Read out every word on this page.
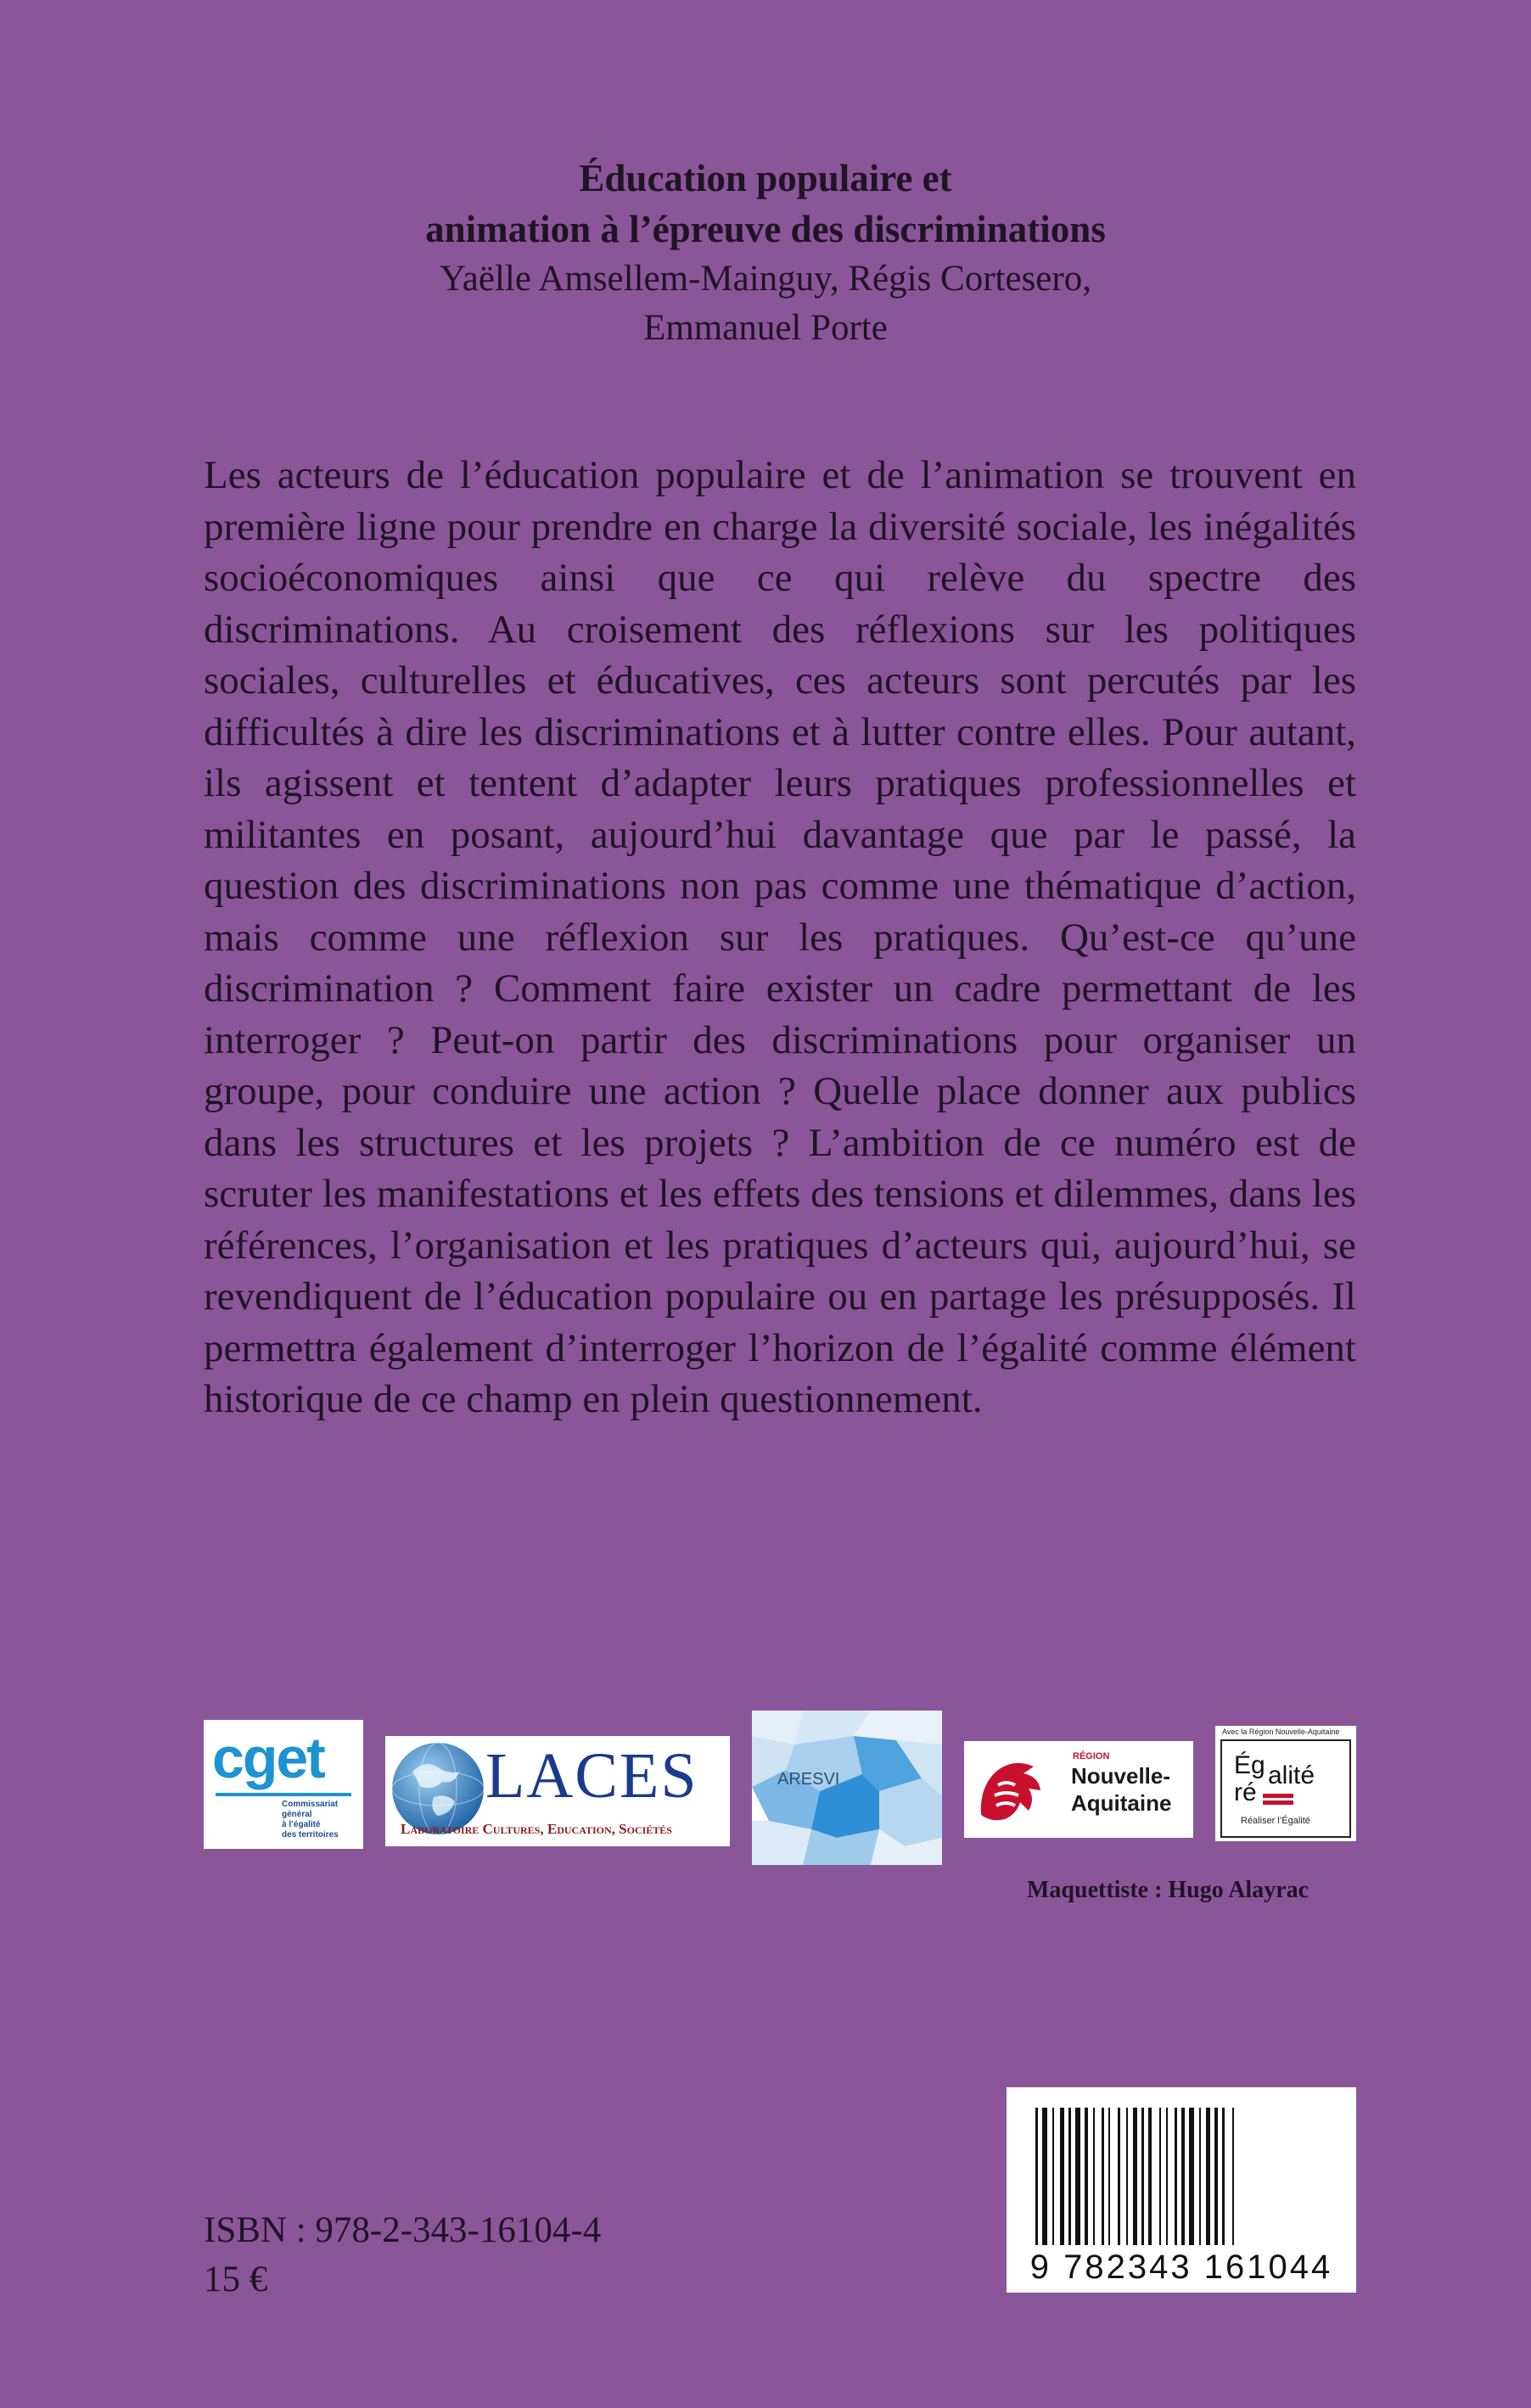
Éducation populaire et
animation à l’épreuve des discriminations
Yaëlle Amsellem-Mainguy, Régis Cortesero,
Emmanuel Porte
Les acteurs de l’éducation populaire et de l’animation se trouvent en première ligne pour prendre en charge la diversité sociale, les inégalités socioéconomiques ainsi que ce qui relève du spectre des discriminations. Au croisement des réflexions sur les politiques sociales, culturelles et éducatives, ces acteurs sont percutés par les difficultés à dire les discriminations et à lutter contre elles. Pour autant, ils agissent et tentent d’adapter leurs pratiques professionnelles et militantes en posant, aujourd’hui davantage que par le passé, la question des discriminations non pas comme une thématique d’action, mais comme une réflexion sur les pratiques. Qu’est-ce qu’une discrimination ? Comment faire exister un cadre permettant de les interroger ? Peut-on partir des discriminations pour organiser un groupe, pour conduire une action ? Quelle place donner aux publics dans les structures et les projets ? L’ambition de ce numéro est de scruter les manifestations et les effets des tensions et dilemmes, dans les références, l’organisation et les pratiques d’acteurs qui, aujourd’hui, se revendiquent de l’éducation populaire ou en partage les présupposés. Il permettra également d’interroger l’horizon de l’égalité comme élément historique de ce champ en plein questionnement.
cget
Commissariat
général
à l’égalité
des territoires
LACES
Laboratoire Cultures, Education, Sociétés
ARESVI
RÉGION
Nouvelle-
Aquitaine
Avec la Région Nouvelle-Aquitaine
Ég alité
ré
Réaliser l’Égalité
Maquettiste : Hugo Alayrac
ISBN : 978-2-343-16104-4
15 €	9 782343 161044
